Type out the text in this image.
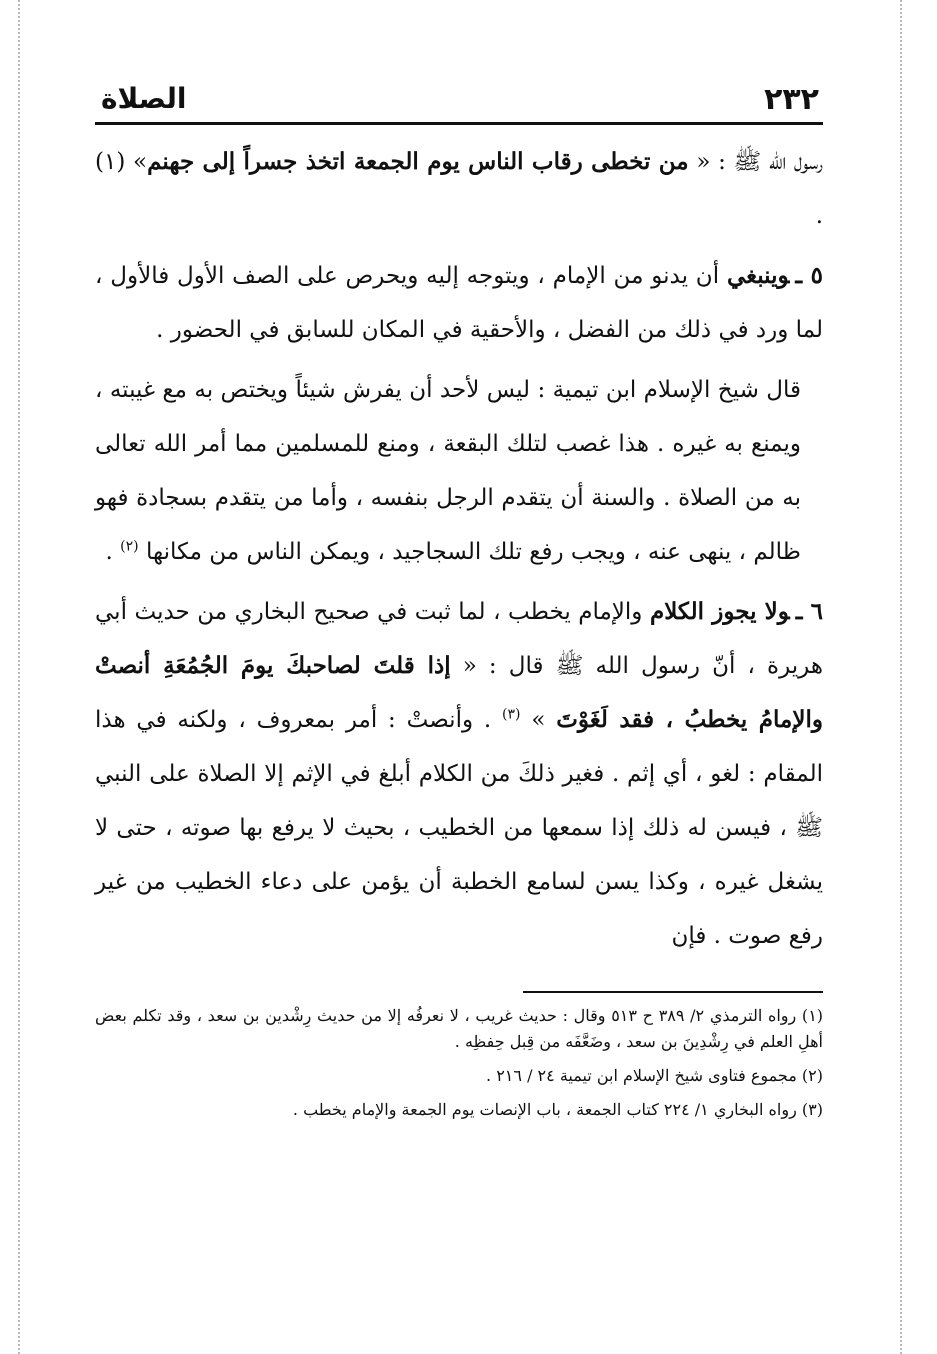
٢٣٢
الصلاة

رسول الله ﷺ : « من تخطى رقاب الناس يوم الجمعة اتخذ جسراً إلى جهنم» (١) .

٥ ـوينبغي أن يدنو من الإمام ، ويتوجه إليه ويحرص على الصف الأول فالأول ، لما ورد في ذلك من الفضل ، والأحقية في المكان للسابق في الحضور .

قال شيخ الإسلام ابن تيمية : ليس لأحد أن يفرش شيئاً ويختص به مع غيبته ، ويمنع به غيره . هذا غصب لتلك البقعة ، ومنع للمسلمين مما أمر الله تعالى به من الصلاة . والسنة أن يتقدم الرجل بنفسه ، وأما من يتقدم بسجادة فهو ظالم ، ينهى عنه ، ويجب رفع تلك السجاجيد ، ويمكن الناس من مكانها $^{(٢)}$ .

٦ ـولا يجوز الكلام والإمام يخطب ، لما ثبت في صحيح البخاري من حديث أبي هريرة ، أنّ رسول الله ﷺ قال : « إذا قلتَ لصاحبكَ يومَ الجُمُعَةِ أنصتْ والإمامُ يخطبُ ، فقد لَغَوْتَ » $^{(٣)}$ . وأنصتْ : أمر بمعروف ، ولكنه في هذا المقام : لغو ، أي إثم . فغير ذلكَ من الكلام أبلغ في الإثم إلا الصلاة على النبي ﷺ ، فيسن له ذلك إذا سمعها من الخطيب ، بحيث لا يرفع بها صوته ، حتى لا يشغل غيره ، وكذا يسن لسامع الخطبة أن يؤمن على دعاء الخطيب من غير رفع صوت . فإن

(١) رواه الترمذي ٢/ ٣٨٩ ح ٥١٣ وقال : حديث غريب ، لا نعرفُه إلا من حديث رِشْدين بن سعد ، وقد تكلم بعض أهلِ العلم في رِشْدِينَ بن سعد ، وضَعَّفَه من قِبل حِفظِه .

(٢) مجموع فتاوى شيخ الإسلام ابن تيمية ٢٤ / ٢١٦ .

(٣) رواه البخاري ١/ ٢٢٤ كتاب الجمعة ، باب الإنصات يوم الجمعة والإمام يخطب .
